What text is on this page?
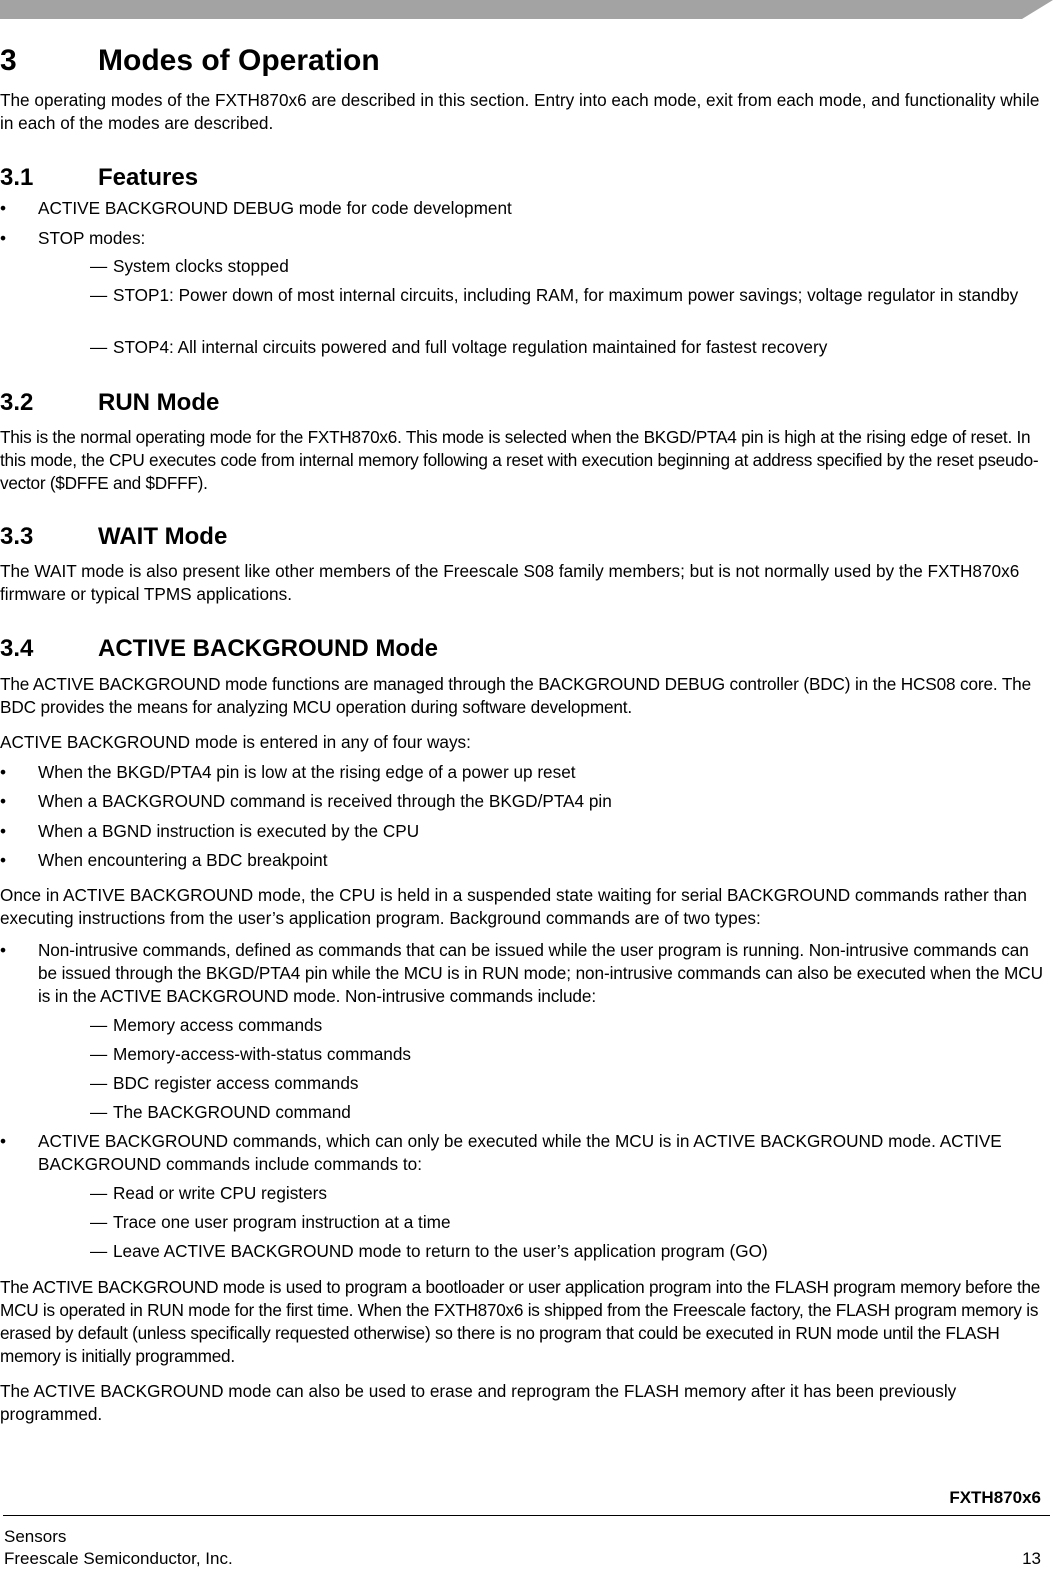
3	Modes of Operation

The operating modes of the FXTH870x6 are described in this section. Entry into each mode, exit from each mode, and functionality while in each of the modes are described.

3.1	Features
• ACTIVE BACKGROUND DEBUG mode for code development
• STOP modes:
— System clocks stopped
— STOP1: Power down of most internal circuits, including RAM, for maximum power savings; voltage regulator in standby
— STOP4: All internal circuits powered and full voltage regulation maintained for fastest recovery
3.2	RUN Mode

This is the normal operating mode for the FXTH870x6. This mode is selected when the BKGD/PTA4 pin is high at the rising edge of reset. In this mode, the CPU executes code from internal memory following a reset with execution beginning at address specified by the reset pseudo-vector ($DFFE and $DFFF).

3.3	WAIT Mode

The WAIT mode is also present like other members of the Freescale S08 family members; but is not normally used by the FXTH870x6 firmware or typical TPMS applications.

3.4	ACTIVE BACKGROUND Mode

The ACTIVE BACKGROUND mode functions are managed through the BACKGROUND DEBUG controller (BDC) in the HCS08 core. The BDC provides the means for analyzing MCU operation during software development.

ACTIVE BACKGROUND mode is entered in any of four ways:

• When the BKGD/PTA4 pin is low at the rising edge of a power up reset
• When a BACKGROUND command is received through the BKGD/PTA4 pin
• When a BGND instruction is executed by the CPU
• When encountering a BDC breakpoint

Once in ACTIVE BACKGROUND mode, the CPU is held in a suspended state waiting for serial BACKGROUND commands rather than executing instructions from the user’s application program. Background commands are of two types:

• Non-intrusive commands, defined as commands that can be issued while the user program is running. Non-intrusive commands can be issued through the BKGD/PTA4 pin while the MCU is in RUN mode; non-intrusive commands can also be executed when the MCU is in the ACTIVE BACKGROUND mode. Non-intrusive commands include:
— Memory access commands
— Memory-access-with-status commands
— BDC register access commands
— The BACKGROUND command
• ACTIVE BACKGROUND commands, which can only be executed while the MCU is in ACTIVE BACKGROUND mode. ACTIVE BACKGROUND commands include commands to:
— Read or write CPU registers
— Trace one user program instruction at a time
— Leave ACTIVE BACKGROUND mode to return to the user’s application program (GO)

The ACTIVE BACKGROUND mode is used to program a bootloader or user application program into the FLASH program memory before the MCU is operated in RUN mode for the first time. When the FXTH870x6 is shipped from the Freescale factory, the FLASH program memory is erased by default (unless specifically requested otherwise) so there is no program that could be executed in RUN mode until the FLASH memory is initially programmed.

The ACTIVE BACKGROUND mode can also be used to erase and reprogram the FLASH memory after it has been previously programmed.

FXTH870x6
Sensors
Freescale Semiconductor, Inc.	13
